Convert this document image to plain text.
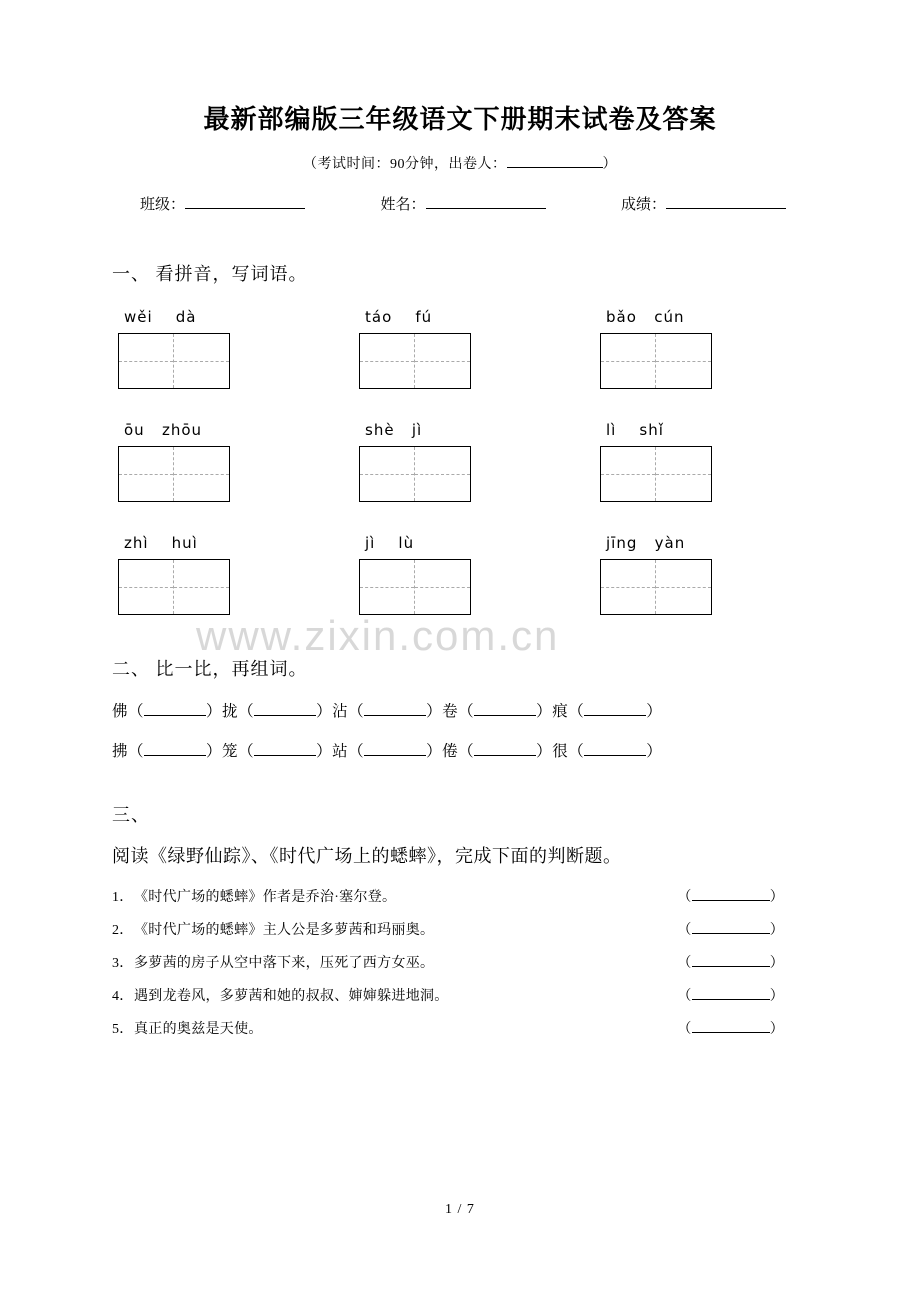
最新部编版三年级语文下册期末试卷及答案
（考试时间：90分钟，出卷人：	）
班级：	姓名：	成绩：
一、 看拼音，写词语。
wěi    dà	táo    fú	bǎo   cún
ōu   zhōu	shè   jì	lì    shǐ
zhì    huì	jì    lù	jīng   yàn
二、 比一比，再组词。
佛（	）拢（	）沾（	）卷（	）痕（	）
拂（	）笼（	）站（	）倦（	）很（	）
三、
阅读《绿野仙踪》、《时代广场上的蟋蟀》，完成下面的判断题。
1． 《时代广场的蟋蟀》作者是乔治·塞尔登。	（	）
2． 《时代广场的蟋蟀》主人公是多萝茜和玛丽奥。	（	）
3． 多萝茜的房子从空中落下来，压死了西方女巫。	（	）
4． 遇到龙卷风，多萝茜和她的叔叔、婶婶躲进地洞。	（	）
5． 真正的奥兹是天使。	（	）
www.zixin.com.cn
1 / 7
